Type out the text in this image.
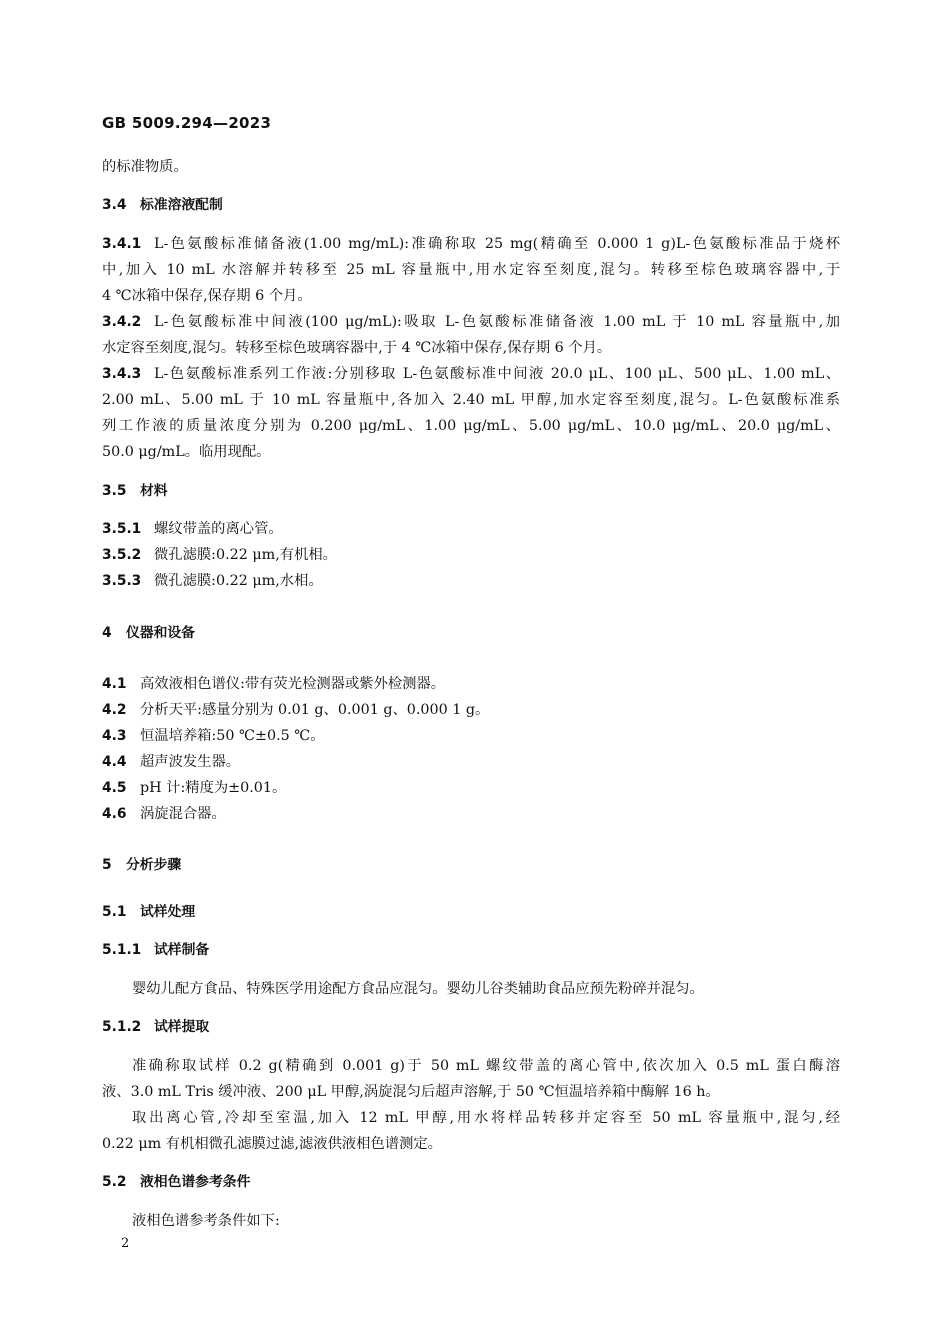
GB 5009.294—2023
的标准物质。
3.4 标准溶液配制
3.4.1 L-色氨酸标准储备液(1.00 mg/mL):准确称取 25 mg(精确至 0.000 1 g)L-色氨酸标准品于烧杯
中,加入 10 mL 水溶解并转移至 25 mL 容量瓶中,用水定容至刻度,混匀。转移至棕色玻璃容器中,于
4 ℃冰箱中保存,保存期 6 个月。
3.4.2 L-色氨酸标准中间液(100 μg/mL):吸取 L-色氨酸标准储备液 1.00 mL 于 10 mL 容量瓶中,加
水定容至刻度,混匀。转移至棕色玻璃容器中,于 4 ℃冰箱中保存,保存期 6 个月。
3.4.3 L-色氨酸标准系列工作液:分别移取 L-色氨酸标准中间液 20.0 μL、100 μL、500 μL、1.00 mL、
2.00 mL、5.00 mL 于 10 mL 容量瓶中,各加入 2.40 mL 甲醇,加水定容至刻度,混匀。L-色氨酸标准系
列工作液的质量浓度分别为 0.200 μg/mL、1.00 μg/mL、5.00 μg/mL、10.0 μg/mL、20.0 μg/mL、
50.0 μg/mL。临用现配。
3.5 材料
3.5.1 螺纹带盖的离心管。
3.5.2 微孔滤膜:0.22 μm,有机相。
3.5.3 微孔滤膜:0.22 μm,水相。
4 仪器和设备
4.1 高效液相色谱仪:带有荧光检测器或紫外检测器。
4.2 分析天平:感量分别为 0.01 g、0.001 g、0.000 1 g。
4.3 恒温培养箱:50 ℃±0.5 ℃。
4.4 超声波发生器。
4.5 pH 计:精度为±0.01。
4.6 涡旋混合器。
5 分析步骤
5.1 试样处理
5.1.1 试样制备
婴幼儿配方食品、特殊医学用途配方食品应混匀。婴幼儿谷类辅助食品应预先粉碎并混匀。
5.1.2 试样提取
准确称取试样 0.2 g(精确到 0.001 g)于 50 mL 螺纹带盖的离心管中,依次加入 0.5 mL 蛋白酶溶
液、3.0 mL Tris 缓冲液、200 μL 甲醇,涡旋混匀后超声溶解,于 50 ℃恒温培养箱中酶解 16 h。
取出离心管,冷却至室温,加入 12 mL 甲醇,用水将样品转移并定容至 50 mL 容量瓶中,混匀,经
0.22 μm 有机相微孔滤膜过滤,滤液供液相色谱测定。
5.2 液相色谱参考条件
液相色谱参考条件如下:
2
